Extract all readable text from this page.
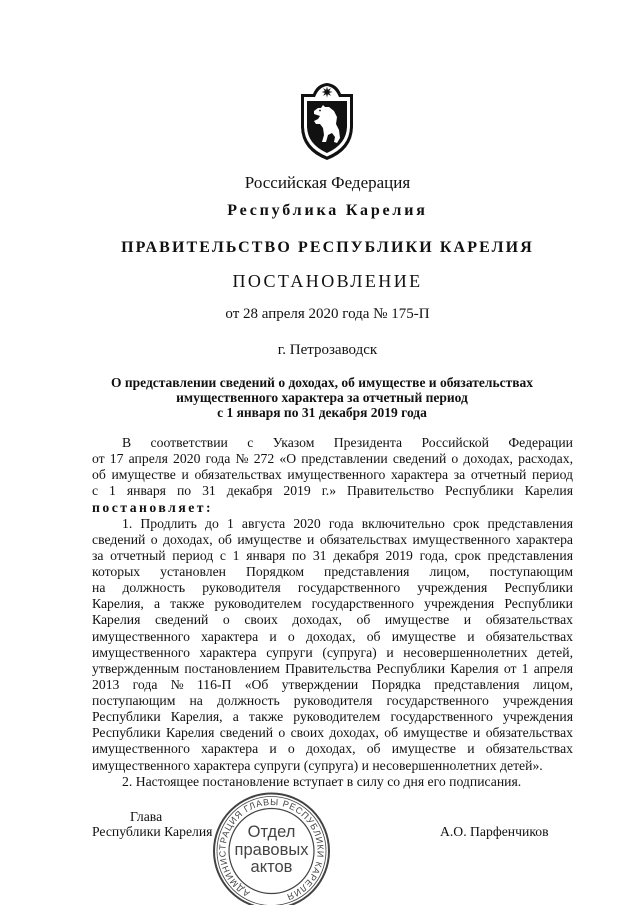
Российская Федерация
Республика Карелия
ПРАВИТЕЛЬСТВО РЕСПУБЛИКИ КАРЕЛИЯ
ПОСТАНОВЛЕНИЕ
от 28 апреля 2020 года № 175-П
г. Петрозаводск
О представлении сведений о доходах, об имуществе и обязательствах
имущественного характера за отчетный период
с 1 января по 31 декабря 2019 года
В соответствии с Указом Президента Российской Федерации
от 17 апреля 2020 года № 272 «О представлении сведений о доходах, расходах,
об имуществе и обязательствах имущественного характера за отчетный период
с 1 января по 31 декабря 2019 г.» Правительство Республики Карелия
постановляет:
1. Продлить до 1 августа 2020 года включительно срок представления
сведений о доходах, об имуществе и обязательствах имущественного характера
за отчетный период с 1 января по 31 декабря 2019 года, срок представления
которых установлен Порядком представления лицом, поступающим
на должность руководителя государственного учреждения Республики
Карелия, а также руководителем государственного учреждения Республики
Карелия сведений о своих доходах, об имуществе и обязательствах
имущественного характера и о доходах, об имуществе и обязательствах
имущественного характера супруги (супруга) и несовершеннолетних детей,
утвержденным постановлением Правительства Республики Карелия от 1 апреля
2013 года № 116-П «Об утверждении Порядка представления лицом,
поступающим на должность руководителя государственного учреждения
Республики Карелия, а также руководителем государственного учреждения
Республики Карелия сведений о своих доходах, об имуществе и обязательствах
имущественного характера и о доходах, об имуществе и обязательствах
имущественного характера супруги (супруга) и несовершеннолетних детей».
2. Настоящее постановление вступает в силу со дня его подписания.
Глава
Республики Карелия	А.О. Парфенчиков
АДМИНИСТРАЦИЯ ГЛАВЫ РЕСПУБЛИКИ КАРЕЛИЯ
Отдел
правовых
актов
